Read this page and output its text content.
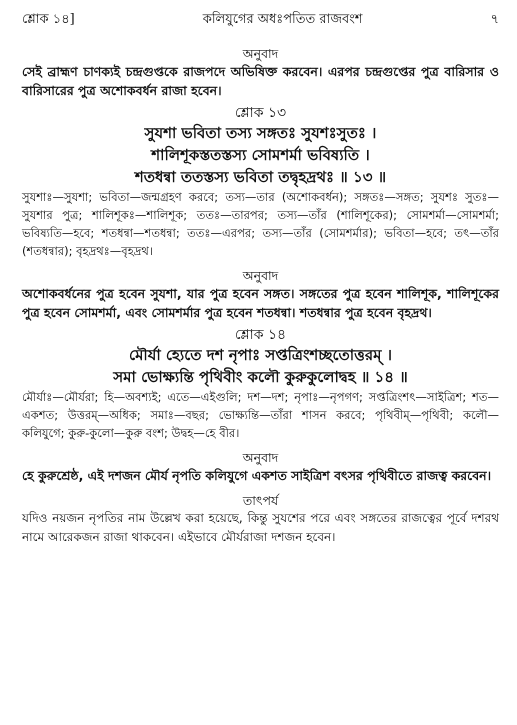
শ্লোক ১৪]	কলিযুগের অধঃপতিত রাজবংশ	৭
অনুবাদ

সেই ব্রাহ্মণ চাণক্যই চন্দ্রগুপ্তকে রাজপদে অভিষিক্ত করবেন। এরপর চন্দ্রগুপ্তের পুত্র বারিসার ও বারিসারের পুত্র অশোকবর্ধন রাজা হবেন।

শ্লোক ১৩

সুযশা ভবিতা তস্য সঙ্গতঃ সুযশঃসুতঃ ।

শালিশূকস্ততস্তস্য সোমশর্মা ভবিষ্যতি ।

শতধন্বা ততস্তস্য ভবিতা তদ্বৃহদ্রথঃ ॥ ১৩ ॥

সুযশাঃ—সুযশা; ভবিতা—জন্মগ্রহণ করবে; তস্য—তার (অশোকবর্ধন); সঙ্গতঃ—সঙ্গত; সুযশঃ সুতঃ—সুযশার পুত্র; শালিশূকঃ—শালিশূক; ততঃ—তারপর; তস্য—তাঁর (শালিশূকের); সোমশর্মা—সোমশর্মা; ভবিষ্যতি—হবে; শতধন্বা—শতধন্বা; ততঃ—এরপর; তস্য—তাঁর (সোমশর্মার); ভবিতা—হবে; তৎ—তাঁর (শতধন্বার); বৃহদ্রথঃ—বৃহদ্রথ।

অনুবাদ

অশোকবর্ধনের পুত্র হবেন সুযশা, যার পুত্র হবেন সঙ্গত। সঙ্গতের পুত্র হবেন শালিশূক, শালিশূকের পুত্র হবেন সোমশর্মা, এবং সোমশর্মার পুত্র হবেন শতধন্বা। শতধন্বার পুত্র হবেন বৃহদ্রথ।

শ্লোক ১৪

মৌর্যা হ্যেতে দশ নৃপাঃ সপ্তত্রিংশচ্ছতোত্তরম্ ।

সমা ভোক্ষ্যন্তি পৃথিবীং কলৌ কুরুকুলোদ্বহ ॥ ১৪ ॥

মৌর্যাঃ—মৌর্যরা; হি—অবশ্যই; এতে—এইগুলি; দশ—দশ; নৃপাঃ—নৃপগণ; সপ্তত্রিংশৎ—সাইত্রিশ; শত—একশত; উত্তরম্—অধিক; সমাঃ—বছর; ভোক্ষ্যন্তি—তাঁরা শাসন করবে; পৃথিবীম্—পৃথিবী; কলৌ—কলিযুগে; কুরু-কুলো—কুরু বংশ; উদ্বহ—হে বীর।

অনুবাদ

হে কুরুশ্রেষ্ঠ, এই দশজন মৌর্য নৃপতি কলিযুগে একশত সাইত্রিশ বৎসর পৃথিবীতে রাজত্ব করবেন।

তাৎপর্য

যদিও নয়জন নৃপতির নাম উল্লেখ করা হয়েছে, কিন্তু সুযশের পরে এবং সঙ্গতের রাজত্বের পূর্বে দশরথ নামে আরেকজন রাজা থাকবেন। এইভাবে মৌর্যরাজা দশজন হবেন।
